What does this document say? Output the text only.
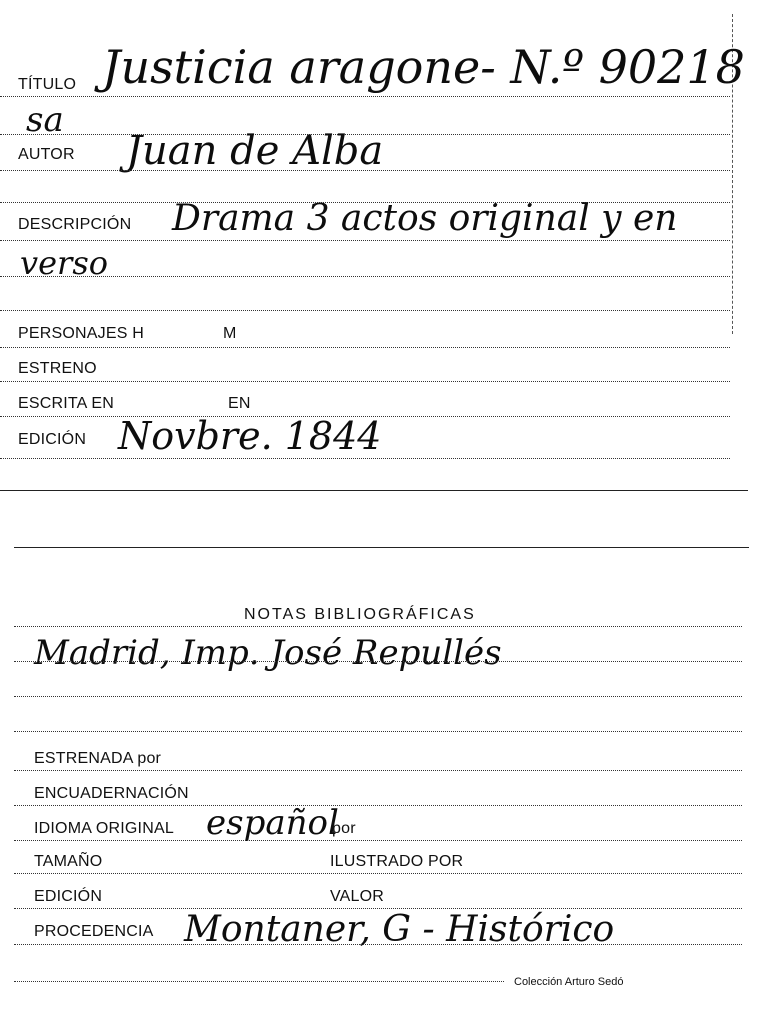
TÍTULO Justicia aragone- N.º 90218
sa
AUTOR Juan de Alba
DESCRIPCIÓN Drama 3 actos original y en
verso
PERSONAJES H	M
ESTRENO
ESCRITA EN	EN
EDICIÓN Novbre. 1844
NOTAS BIBLIOGRÁFICAS
Madrid, Imp. José Repullés
ESTRENADA por
ENCUADERNACIÓN
IDIOMA ORIGINAL español
por
TAMAÑO	ILUSTRADO POR
EDICIÓN	VALOR
PROCEDENCIA Montaner, G - Histórico
Colección Arturo Sedó
